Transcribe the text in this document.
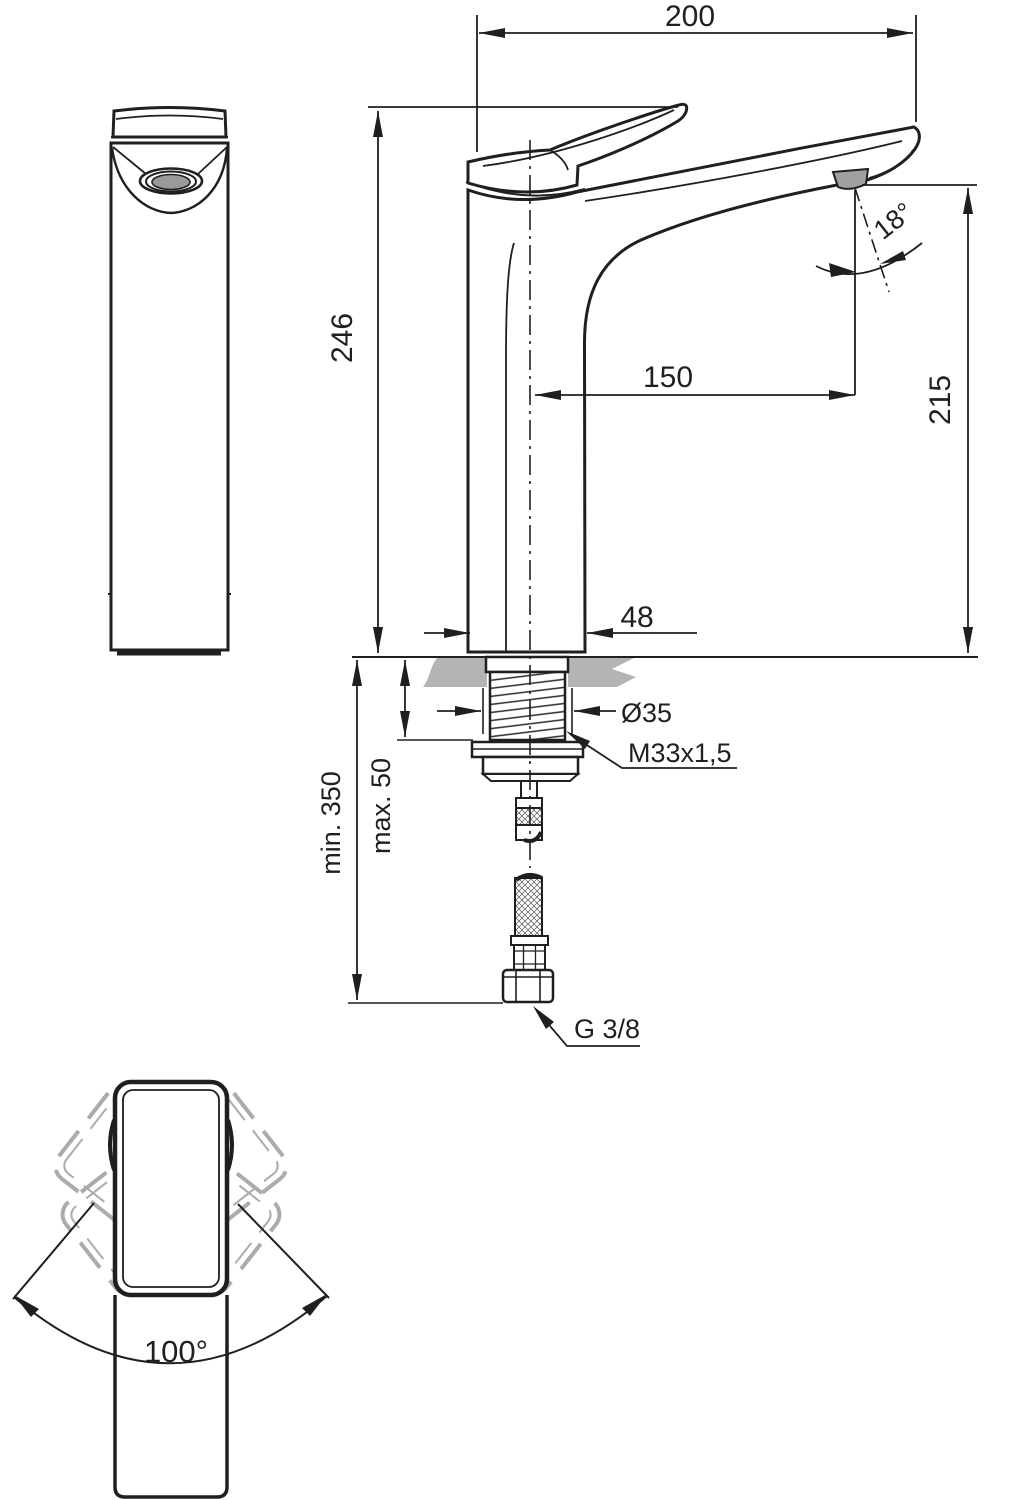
200
246
150
18°
215
48
Ø35
M33x1,5
max. 50
min. 350
G 3/8
100°
